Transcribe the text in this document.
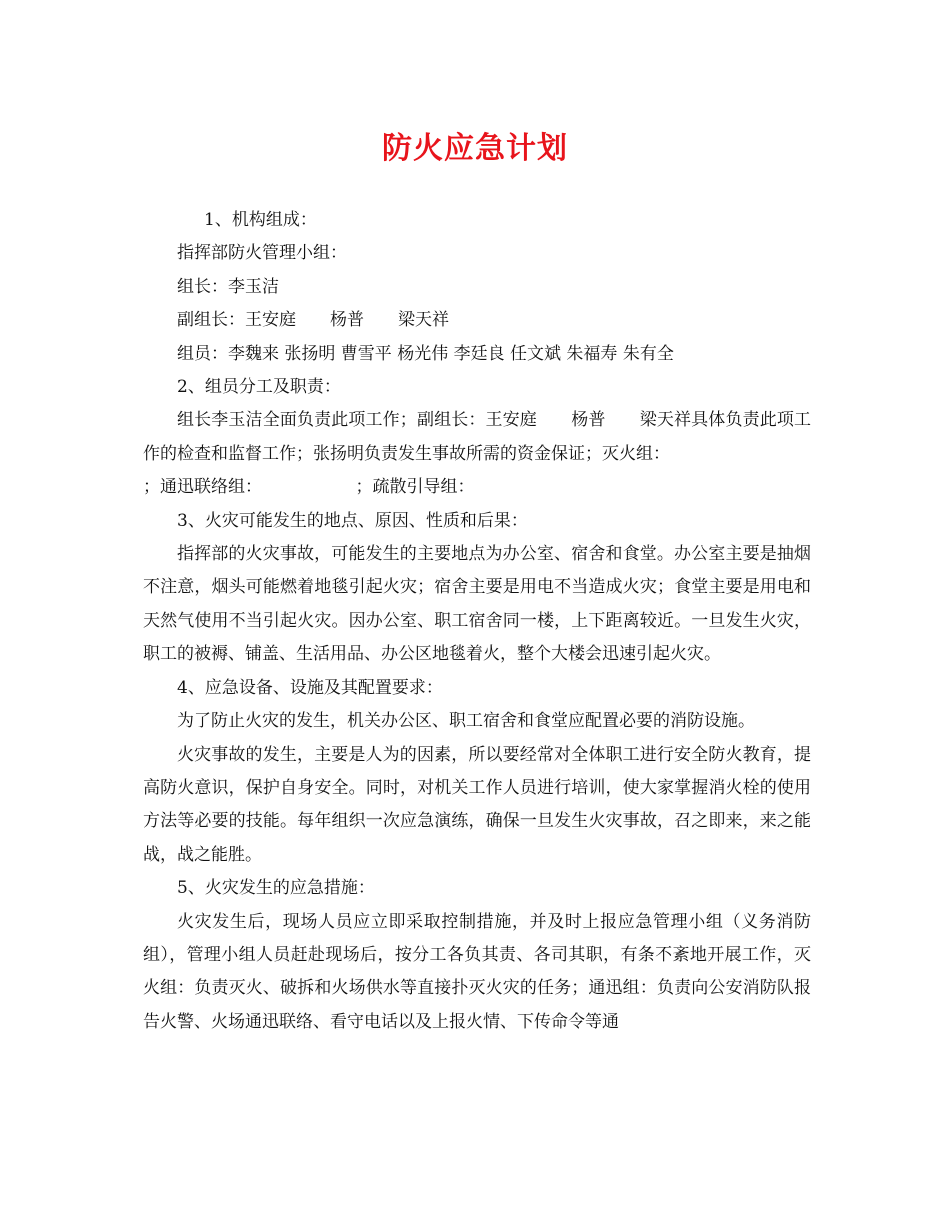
防火应急计划

1、机构组成：

指挥部防火管理小组：

组长：李玉洁

副组长：王安庭　　杨普　　梁天祥

组员：李魏来 张扬明 曹雪平 杨光伟 李廷良 任文斌 朱福寿 朱有全

2、组员分工及职责：

组长李玉洁全面负责此项工作；副组长：王安庭　　杨普　　梁天祥具体负责此项工作的检查和监督工作；张扬明负责发生事故所需的资金保证；灭火组：

；通迅联络组：　　　　　　；疏散引导组：

3、火灾可能发生的地点、原因、性质和后果：

指挥部的火灾事故，可能发生的主要地点为办公室、宿舍和食堂。办公室主要是抽烟不注意，烟头可能燃着地毯引起火灾；宿舍主要是用电不当造成火灾；食堂主要是用电和天然气使用不当引起火灾。因办公室、职工宿舍同一楼，上下距离较近。一旦发生火灾，职工的被褥、铺盖、生活用品、办公区地毯着火，整个大楼会迅速引起火灾。

4、应急设备、设施及其配置要求：

为了防止火灾的发生，机关办公区、职工宿舍和食堂应配置必要的消防设施。

火灾事故的发生，主要是人为的因素，所以要经常对全体职工进行安全防火教育，提高防火意识，保护自身安全。同时，对机关工作人员进行培训，使大家掌握消火栓的使用方法等必要的技能。每年组织一次应急演练，确保一旦发生火灾事故，召之即来，来之能战，战之能胜。

5、火灾发生的应急措施：

火灾发生后，现场人员应立即采取控制措施，并及时上报应急管理小组（义务消防组），管理小组人员赶赴现场后，按分工各负其责、各司其职，有条不紊地开展工作，灭火组：负责灭火、破拆和火场供水等直接扑灭火灾的任务；通迅组：负责向公安消防队报告火警、火场通迅联络、看守电话以及上报火情、下传命令等通
